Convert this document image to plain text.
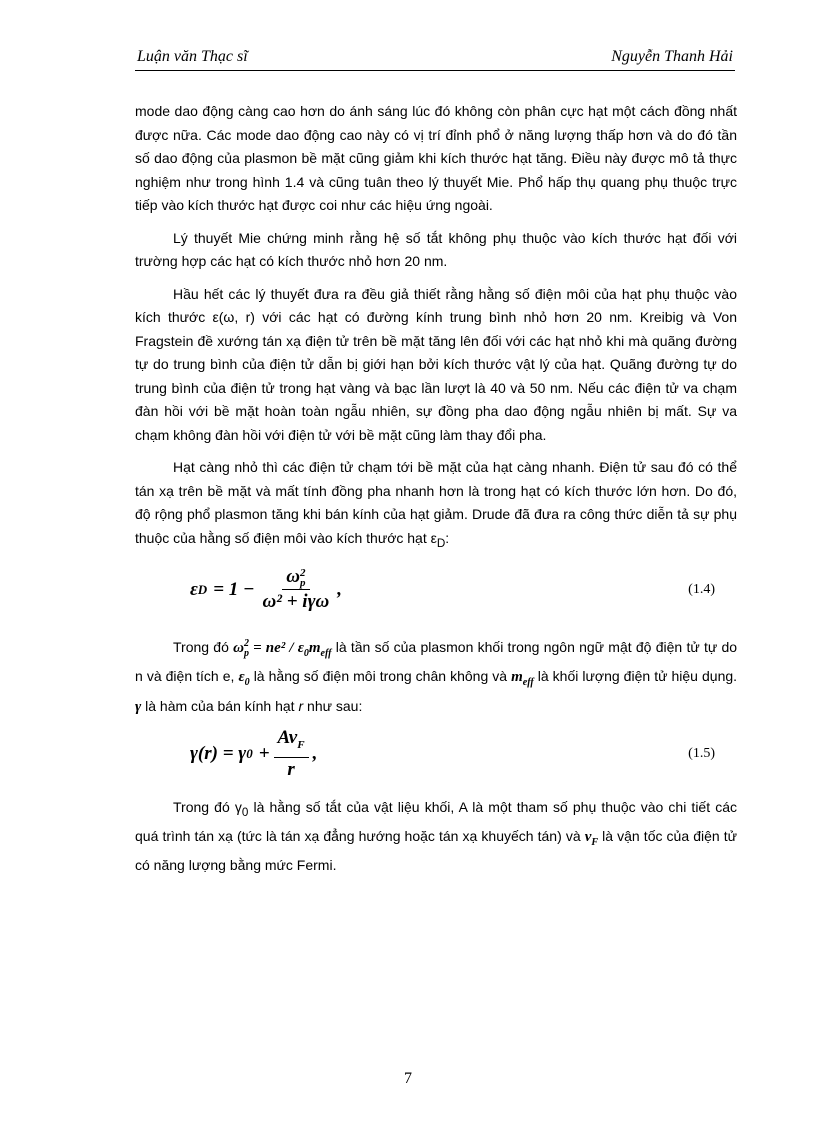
Luận văn Thạc sĩ	Nguyễn Thanh Hải

mode dao động càng cao hơn do ánh sáng lúc đó không còn phân cực hạt một cách đồng nhất được nữa. Các mode dao động cao này có vị trí đỉnh phổ ở năng lượng thấp hơn và do đó tần số dao động của plasmon bề mặt cũng giảm khi kích thước hạt tăng. Điều này được mô tả thực nghiệm như trong hình 1.4 và cũng tuân theo lý thuyết Mie. Phổ hấp thụ quang phụ thuộc trực tiếp vào kích thước hạt được coi như các hiệu ứng ngoài.

Lý thuyết Mie chứng minh rằng hệ số tắt không phụ thuộc vào kích thước hạt đối với trường hợp các hạt có kích thước nhỏ hơn 20 nm.

Hầu hết các lý thuyết đưa ra đều giả thiết rằng hằng số điện môi của hạt phụ thuộc vào kích thước ε(ω, r) với các hạt có đường kính trung bình nhỏ hơn 20 nm. Kreibig và Von Fragstein đề xướng tán xạ điện tử trên bề mặt tăng lên đối với các hạt nhỏ khi mà quãng đường tự do trung bình của điện tử dẫn bị giới hạn bởi kích thước vật lý của hạt. Quãng đường tự do trung bình của điện tử trong hạt vàng và bạc lần lượt là 40 và 50 nm. Nếu các điện tử va chạm đàn hồi với bề mặt hoàn toàn ngẫu nhiên, sự đồng pha dao động ngẫu nhiên bị mất. Sự va chạm không đàn hồi với điện tử với bề mặt cũng làm thay đổi pha.

Hạt càng nhỏ thì các điện tử chạm tới bề mặt của hạt càng nhanh. Điện tử sau đó có thể tán xạ trên bề mặt và mất tính đồng pha nhanh hơn là trong hạt có kích thước lớn hơn. Do đó, độ rộng phổ plasmon tăng khi bán kính của hạt giảm. Drude đã đưa ra công thức diễn tả sự phụ thuộc của hằng số điện môi vào kích thước hạt $\varepsilon_D$:

ε D = 1 − ω 2
p
ω² + iγω ,	(1.4)

Trong đó $\omega^2_p = ne^2 / \varepsilon_0m_{eff}$ là tần số của plasmon khối trong ngôn ngữ mật độ điện tử tự do n và điện tích e, $\varepsilon_0$ là hằng số điện môi trong chân không và $m_{eff}$ là khối lượng điện tử hiệu dụng. γ là hàm của bán kính hạt r như sau:

γ(r) = γ $0 + \frac{Av_F}{r}$ ,	(1.5)

Trong đó $\gamma_0$ là hằng số tắt của vật liệu khối, A là một tham số phụ thuộc vào chi tiết các quá trình tán xạ (tức là tán xạ đẳng hướng hoặc tán xạ khuyếch tán) và $v_F$ là vận tốc của điện tử có năng lượng bằng mức Fermi.

7
